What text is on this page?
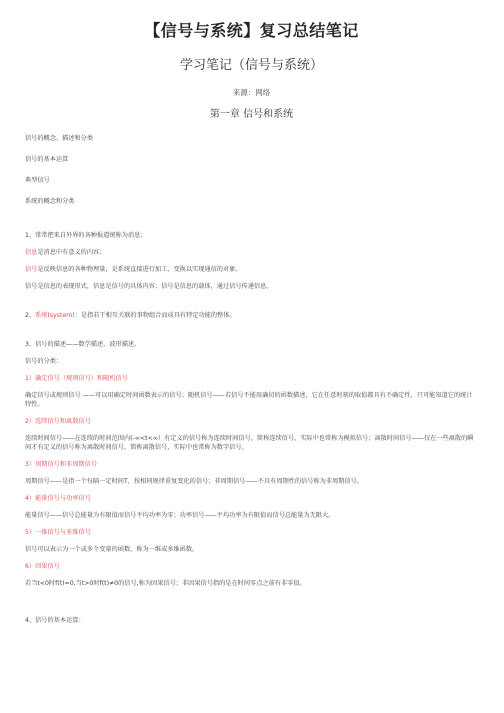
【信号与系统】复习总结笔记
学习笔记（信号与系统）
来源：网络
第一章 信号和系统

信号的概念、描述和分类

信号的基本运算

典型信号

系统的概念和分类

1、常常把来自外界的各种报道统称为消息；

信息是消息中有意义的内容；

信号是反映信息的各种物理量，是系统直接进行加工、变换以实现通信的对象。

信号是信息的表现形式，信息是信号的具体内容；信号是信息的载体，通过信号传递信息。

2、系统(system)：是指若干相互关联的事物组合而成具有特定功能的整体。

3、信号的描述——数学描述，波形描述。

信号的分类：

1）确定信号（规则信号）和随机信号

确定信号或规则信号 ——可以用确定时间函数表示的信号；随机信号——若信号不能用确切的函数描述，它在任意时刻的取值都具有不确定性，只可能知道它的统计特性。

2）连续信号和离散信号

连续时间信号——在连续的时间范围内(-∞<t<∞）有定义的信号称为连续时间信号，简称连续信号，实际中也常称为模拟信号；离散时间信号——仅在一些离散的瞬间才有定义的信号称为离散时间信号，简称离散信号，实际中也常称为数字信号。

3）周期信号和非周期信号

周期信号——是指一个每隔一定时间T，按相同规律重复变化的信号；非周期信号——不具有周期性的信号称为非周期信号。

4）能量信号与功率信号

能量信号——信号总能量为有限值而信号平均功率为零；功率信号——平均功率为有限值而信号总能量为无限大。

5）一维信号与多维信号

信号可以表示为一个或多个变量的函数，称为一维或多维函数。

6）因果信号

若当t<0时f(t)=0,当t>0时f(t)≠0的信号,称为因果信号；非因果信号指的是在时间零点之前有非零值。

4、信号的基本运算：
